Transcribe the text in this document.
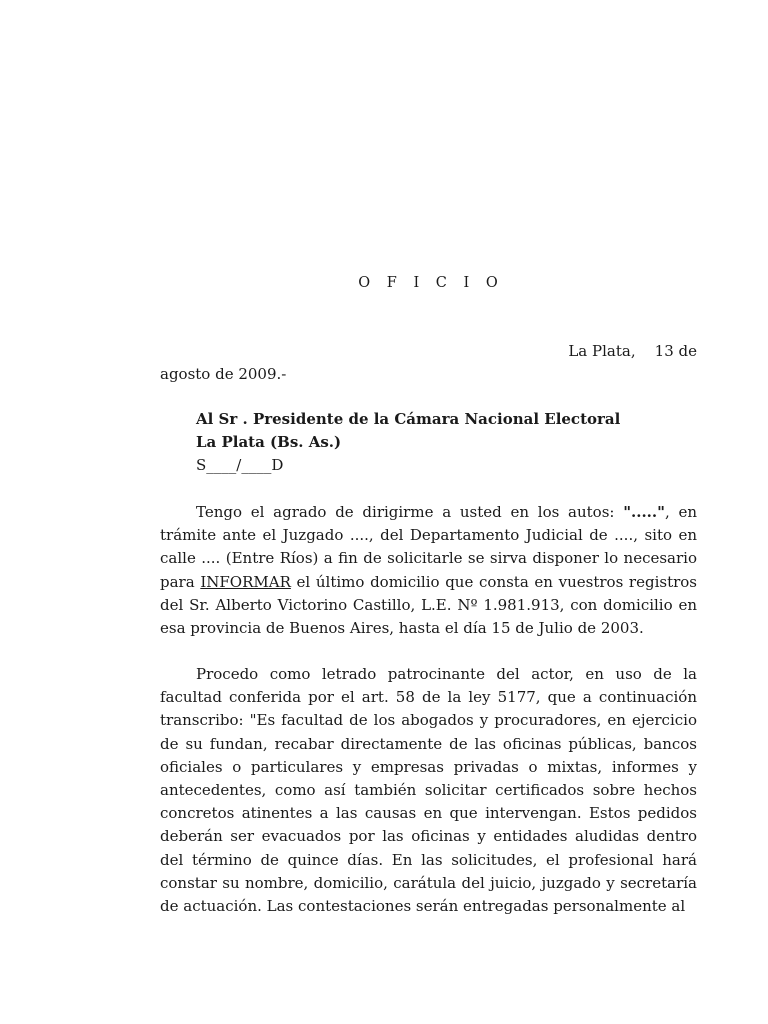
O F I C I O
La Plata,    13 de
agosto de 2009.-
Al Sr . Presidente de la Cámara Nacional Electoral
La Plata (Bs. As.)
S____/____D

Tengo el agrado de dirigirme a usted en los autos: ".....", en trámite ante el Juzgado ...., del Departamento Judicial de ...., sito en calle .... (Entre Ríos) a fin de solicitarle se sirva disponer lo necesario para INFORMAR el último domicilio que consta en vuestros registros del Sr. Alberto Victorino Castillo, L.E. Nº 1.981.913, con domicilio en esa provincia de Buenos Aires, hasta el día 15 de Julio de 2003.

Procedo como letrado patrocinante del actor, en uso de la facultad conferida por el art. 58 de la ley 5177, que a continuación transcribo: "Es facultad de los abogados y procuradores, en ejercicio de su fundan, recabar directamente de las oficinas públicas, bancos oficiales o particulares y empresas privadas o mixtas, informes y antecedentes, como así también solicitar certificados sobre hechos concretos atinentes a las causas en que intervengan. Estos pedidos deberán ser evacuados por las oficinas y entidades aludidas dentro del término de quince días. En las solicitudes, el profesional hará constar su nombre, domicilio, carátula del juicio, juzgado y secretaría de actuación. Las contestaciones serán entregadas personalmente al
